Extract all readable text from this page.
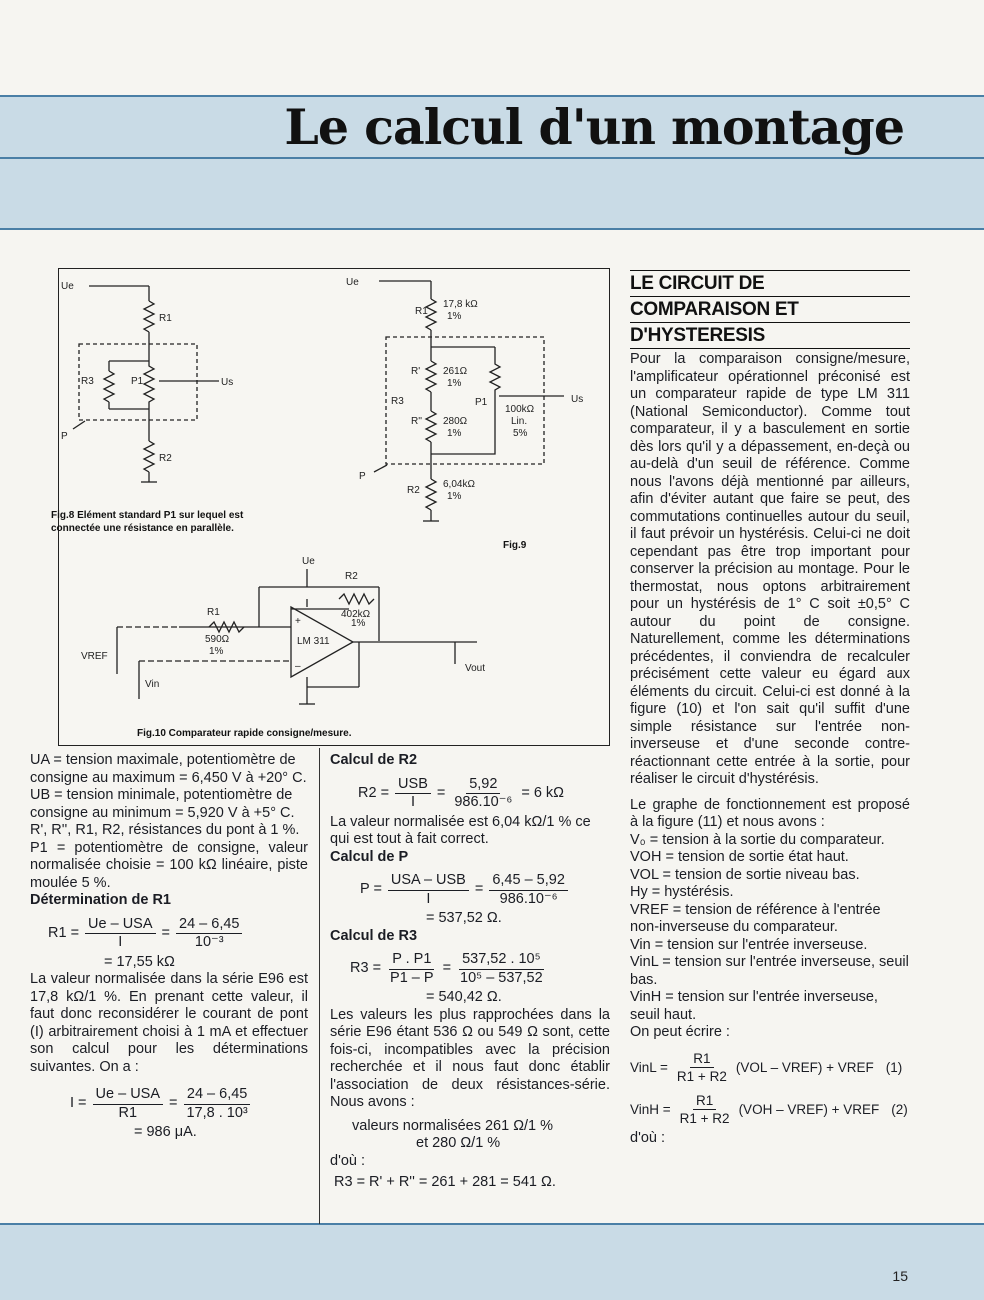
Le calcul d'un montage
Ue
R1
R3	P1	Us
P
R2
Ue
R1
17,8 kΩ
1%
R3
R'
R''
261Ω
1%
280Ω
1%
P1
100kΩ
Lin.
5%
Us
P
R2
6,04kΩ
1%
Ue
R2
402kΩ
1%
R1
590Ω
1%
LM 311
+
–
VREF
Vin
Vout
Fig.8 Elément standard P1 sur lequel est connectée une résistance en parallèle.
Fig.9
Fig.10 Comparateur rapide consigne/mesure.

UA = tension maximale, potentiomètre de consigne au maximum = 6,450 V à +20° C.

UB = tension minimale, potentiomètre de consigne au minimum = 5,920 V à +5° C.

R', R'', R1, R2, résistances du pont à 1 %.

P1 = potentiomètre de consigne, valeur normalisée choisie = 100 kΩ linéaire, piste moulée 5 %.

Détermination de R1

$R1 = \frac{\text{Ue – USA}}{I} = \frac{24 - 6,45}{\text{10⁻³}}$

= 17,55 kΩ

La valeur normalisée dans la série E96 est 17,8 kΩ/1 %. En prenant cette valeur, il faut donc reconsidérer le courant de pont (I) arbitrairement choisi à 1 mA et effectuer son calcul pour les déterminations suivantes. On a :

$I = \frac{\text{Ue – USA}}{R1} = \frac{24 - 6,45}{\text{17,8 . 10³}}$

= 986 μA.

Calcul de R2

$R2 = \frac{\text{USB}}{I} = \frac{5,92}{\text{986.10⁻⁶}} = 6$ kΩ

La valeur normalisée est 6,04 kΩ/1 % ce qui est tout à fait correct.

Calcul de P

$P = \frac{\text{USA – USB}}{I} = \frac{6,45 - 5,92}{\text{986.10⁻⁶}}$

= 537,52 Ω.

Calcul de R3

$R3 = \frac{P . P1}{P1 - P} = \frac{\text{537,52 . 10⁵}}{\text{10⁵ – 537,52}}$

= 540,42 Ω.

Les valeurs les plus rapprochées dans la série E96 étant 536 Ω ou 549 Ω sont, cette fois-ci, incompatibles avec la précision recherchée et il nous faut donc établir l'association de deux résistances-série. Nous avons :

valeurs normalisées 261 Ω/1 %

et 280 Ω/1 %

d'où :

R3 = R' + R'' = 261 + 281 = 541 Ω.

LE CIRCUIT DE
COMPARAISON ET
D'HYSTERESIS

Pour la comparaison consigne/mesure, l'amplificateur opérationnel préconisé est un comparateur rapide de type LM 311 (National Semiconductor). Comme tout comparateur, il y a basculement en sortie dès lors qu'il y a dépassement, en-deçà ou au-delà d'un seuil de référence. Comme nous l'avons déjà mentionné par ailleurs, afin d'éviter autant que faire se peut, des commutations continuelles autour du seuil, il faut prévoir un hystérésis. Celui-ci ne doit cependant pas être trop important pour conserver la précision au montage. Pour le thermostat, nous optons arbitrairement pour un hystérésis de 1° C soit ±0,5° C autour du point de consigne. Naturellement, comme les déterminations précédentes, il conviendra de recalculer précisément cette valeur eu égard aux éléments du circuit. Celui-ci est donné à la figure (10) et l'on sait qu'il suffit d'une simple résistance sur l'entrée non-inverseuse et d'une seconde contre-réactionnant cette entrée à la sortie, pour réaliser le circuit d'hystérésis.

Le graphe de fonctionnement est proposé à la figure (11) et nous avons :

V₀ = tension à la sortie du comparateur.

VOH = tension de sortie état haut.

VOL = tension de sortie niveau bas.

Hy = hystérésis.

VREF = tension de référence à l'entrée non-inverseuse du comparateur.

Vin = tension sur l'entrée inverseuse.

VinL = tension sur l'entrée inverseuse, seuil bas.

VinH = tension sur l'entrée inverseuse, seuil haut.

On peut écrire :

VinL = $\frac{R1}{R1 + R2} (VOL$ – VREF) + VREF (1)
VinH = $\frac{R1}{R1 + R2} (VOH$ – VREF) + VREF (2)

d'où :

15
